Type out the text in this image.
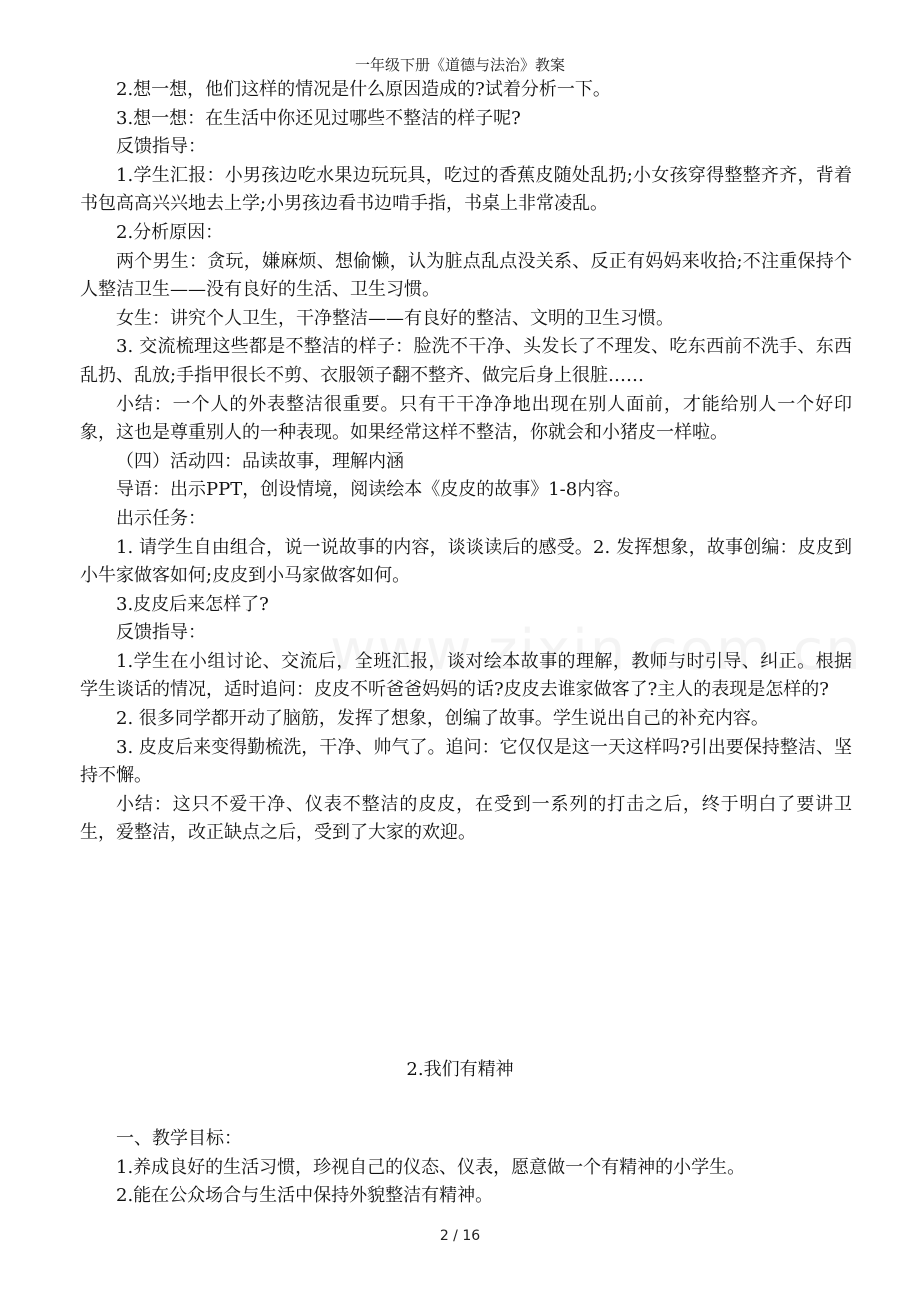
一年级下册《道德与法治》教案

2.想一想，他们这样的情况是什么原因造成的?试着分析一下。

3.想一想：在生活中你还见过哪些不整洁的样子呢?

反馈指导：

1.学生汇报：小男孩边吃水果边玩玩具，吃过的香蕉皮随处乱扔;小女孩穿得整整齐齐，背着书包高高兴兴地去上学;小男孩边看书边啃手指，书桌上非常凌乱。

2.分析原因：

两个男生：贪玩，嫌麻烦、想偷懒，认为脏点乱点没关系、反正有妈妈来收拾;不注重保持个人整洁卫生——没有良好的生活、卫生习惯。

女生：讲究个人卫生，干净整洁——有良好的整洁、文明的卫生习惯。

3. 交流梳理这些都是不整洁的样子：脸洗不干净、头发长了不理发、吃东西前不洗手、东西乱扔、乱放;手指甲很长不剪、衣服领子翻不整齐、做完后身上很脏……

小结：一个人的外表整洁很重要。只有干干净净地出现在别人面前，才能给别人一个好印象，这也是尊重别人的一种表现。如果经常这样不整洁，你就会和小猪皮一样啦。

（四）活动四：品读故事，理解内涵

导语：出示PPT，创设情境，阅读绘本《皮皮的故事》1-8内容。

出示任务：

1. 请学生自由组合，说一说故事的内容，谈谈读后的感受。2. 发挥想象，故事创编：皮皮到小牛家做客如何;皮皮到小马家做客如何。

3.皮皮后来怎样了?

反馈指导：

1.学生在小组讨论、交流后，全班汇报，谈对绘本故事的理解，教师与时引导、纠正。根据学生谈话的情况，适时追问：皮皮不听爸爸妈妈的话?皮皮去谁家做客了?主人的表现是怎样的?

2. 很多同学都开动了脑筋，发挥了想象，创编了故事。学生说出自己的补充内容。

3. 皮皮后来变得勤梳洗，干净、帅气了。追问：它仅仅是这一天这样吗?引出要保持整洁、坚持不懈。

小结：这只不爱干净、仪表不整洁的皮皮，在受到一系列的打击之后，终于明白了要讲卫生，爱整洁，改正缺点之后，受到了大家的欢迎。

2.我们有精神

一、教学目标：

1.养成良好的生活习惯，珍视自己的仪态、仪表，愿意做一个有精神的小学生。

2.能在公众场合与生活中保持外貌整洁有精神。

2 / 16
